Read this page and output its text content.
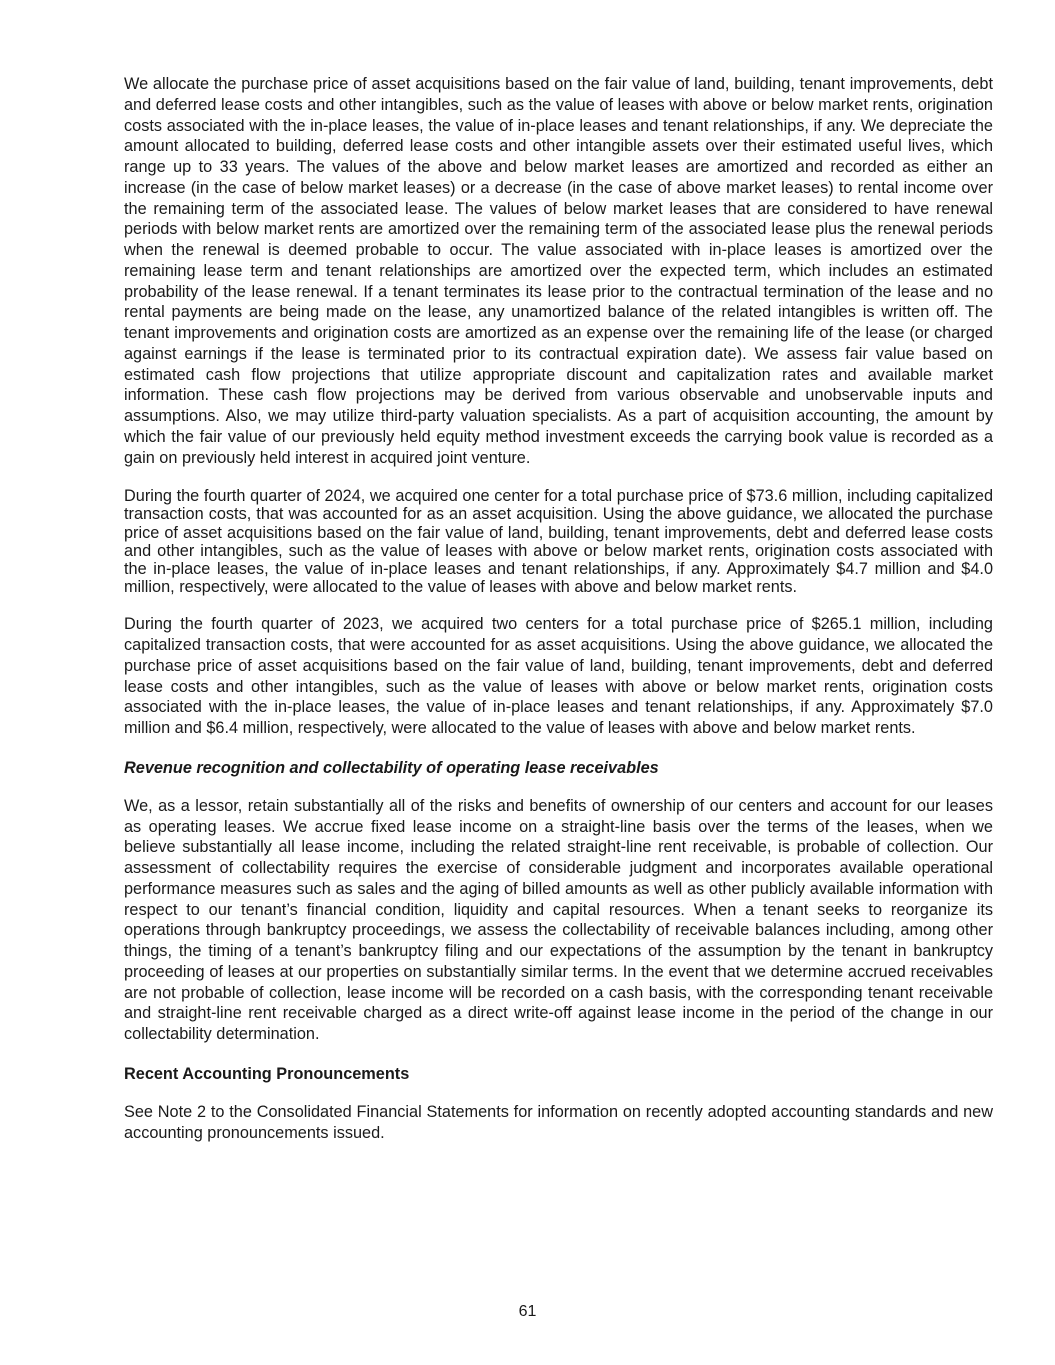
We allocate the purchase price of asset acquisitions based on the fair value of land, building, tenant improvements, debt and deferred lease costs and other intangibles, such as the value of leases with above or below market rents, origination costs associated with the in-place leases, the value of in-place leases and tenant relationships, if any. We depreciate the amount allocated to building, deferred lease costs and other intangible assets over their estimated useful lives, which range up to 33 years. The values of the above and below market leases are amortized and recorded as either an increase (in the case of below market leases) or a decrease (in the case of above market leases) to rental income over the remaining term of the associated lease. The values of below market leases that are considered to have renewal periods with below market rents are amortized over the remaining term of the associated lease plus the renewal periods when the renewal is deemed probable to occur. The value associated with in-place leases is amortized over the remaining lease term and tenant relationships are amortized over the expected term, which includes an estimated probability of the lease renewal. If a tenant terminates its lease prior to the contractual termination of the lease and no rental payments are being made on the lease, any unamortized balance of the related intangibles is written off. The tenant improvements and origination costs are amortized as an expense over the remaining life of the lease (or charged against earnings if the lease is terminated prior to its contractual expiration date). We assess fair value based on estimated cash flow projections that utilize appropriate discount and capitalization rates and available market information. These cash flow projections may be derived from various observable and unobservable inputs and assumptions. Also, we may utilize third-party valuation specialists. As a part of acquisition accounting, the amount by which the fair value of our previously held equity method investment exceeds the carrying book value is recorded as a gain on previously held interest in acquired joint venture.

During the fourth quarter of 2024, we acquired one center for a total purchase price of $73.6 million, including capitalized transaction costs, that was accounted for as an asset acquisition. Using the above guidance, we allocated the purchase price of asset acquisitions based on the fair value of land, building, tenant improvements, debt and deferred lease costs and other intangibles, such as the value of leases with above or below market rents, origination costs associated with the in-place leases, the value of in-place leases and tenant relationships, if any. Approximately $4.7 million and $4.0 million, respectively, were allocated to the value of leases with above and below market rents.

During the fourth quarter of 2023, we acquired two centers for a total purchase price of $265.1 million, including capitalized transaction costs, that were accounted for as asset acquisitions. Using the above guidance, we allocated the purchase price of asset acquisitions based on the fair value of land, building, tenant improvements, debt and deferred lease costs and other intangibles, such as the value of leases with above or below market rents, origination costs associated with the in-place leases, the value of in-place leases and tenant relationships, if any. Approximately $7.0 million and $6.4 million, respectively, were allocated to the value of leases with above and below market rents.

Revenue recognition and collectability of operating lease receivables

We, as a lessor, retain substantially all of the risks and benefits of ownership of our centers and account for our leases as operating leases. We accrue fixed lease income on a straight-line basis over the terms of the leases, when we believe substantially all lease income, including the related straight-line rent receivable, is probable of collection. Our assessment of collectability requires the exercise of considerable judgment and incorporates available operational performance measures such as sales and the aging of billed amounts as well as other publicly available information with respect to our tenant’s financial condition, liquidity and capital resources. When a tenant seeks to reorganize its operations through bankruptcy proceedings, we assess the collectability of receivable balances including, among other things, the timing of a tenant’s bankruptcy filing and our expectations of the assumption by the tenant in bankruptcy proceeding of leases at our properties on substantially similar terms. In the event that we determine accrued receivables are not probable of collection, lease income will be recorded on a cash basis, with the corresponding tenant receivable and straight-line rent receivable charged as a direct write-off against lease income in the period of the change in our collectability determination.

Recent Accounting Pronouncements

See Note 2 to the Consolidated Financial Statements for information on recently adopted accounting standards and new accounting pronouncements issued.

61
